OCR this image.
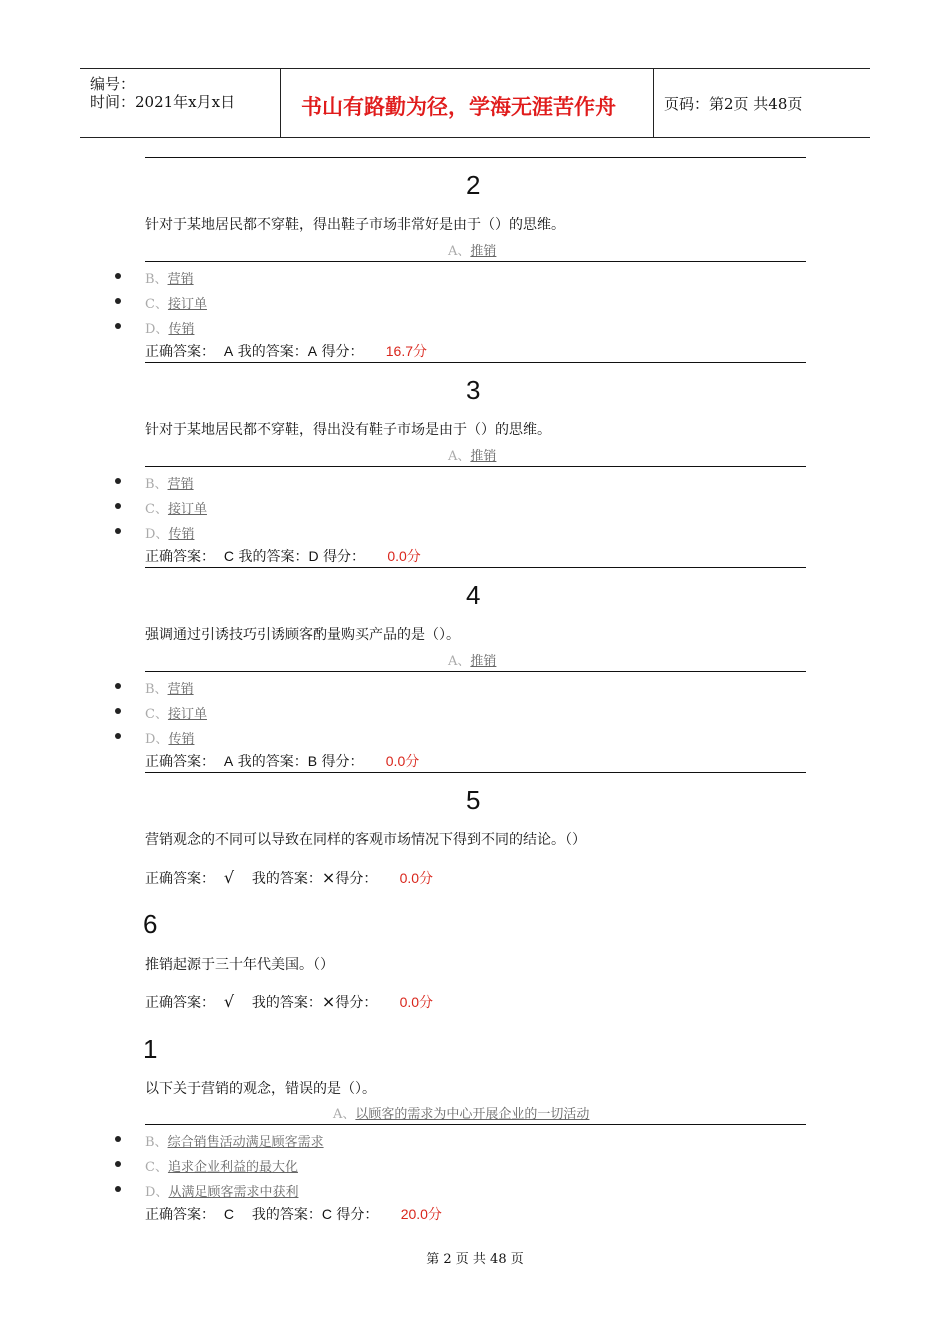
编号：
时间：2021年x月x日	书山有路勤为径，学海无涯苦作舟	页码：第2页 共48页
2
针对于某地居民都不穿鞋，得出鞋子市场非常好是由于（）的思维。
A、推销
B、营销
C、接订单
D、传销
正确答案： A 我的答案：A 得分： 16.7分
3
针对于某地居民都不穿鞋，得出没有鞋子市场是由于（）的思维。
A、推销
B、营销
C、接订单
D、传销
正确答案： C 我的答案：D 得分： 0.0分
4
强调通过引诱技巧引诱顾客酌量购买产品的是（）。
A、推销
B、营销
C、接订单
D、传销
正确答案： A 我的答案：B 得分： 0.0分
5
营销观念的不同可以导致在同样的客观市场情况下得到不同的结论。（）
正确答案： √ 我的答案：×得分： 0.0分
6
推销起源于三十年代美国。（）
正确答案： √ 我的答案：×得分： 0.0分
1
以下关于营销的观念，错误的是（）。
A、以顾客的需求为中心开展企业的一切活动
B、综合销售活动满足顾客需求
C、追求企业利益的最大化
D、从满足顾客需求中获利
正确答案： C 我的答案：C 得分： 20.0分
第 2 页 共 48 页
